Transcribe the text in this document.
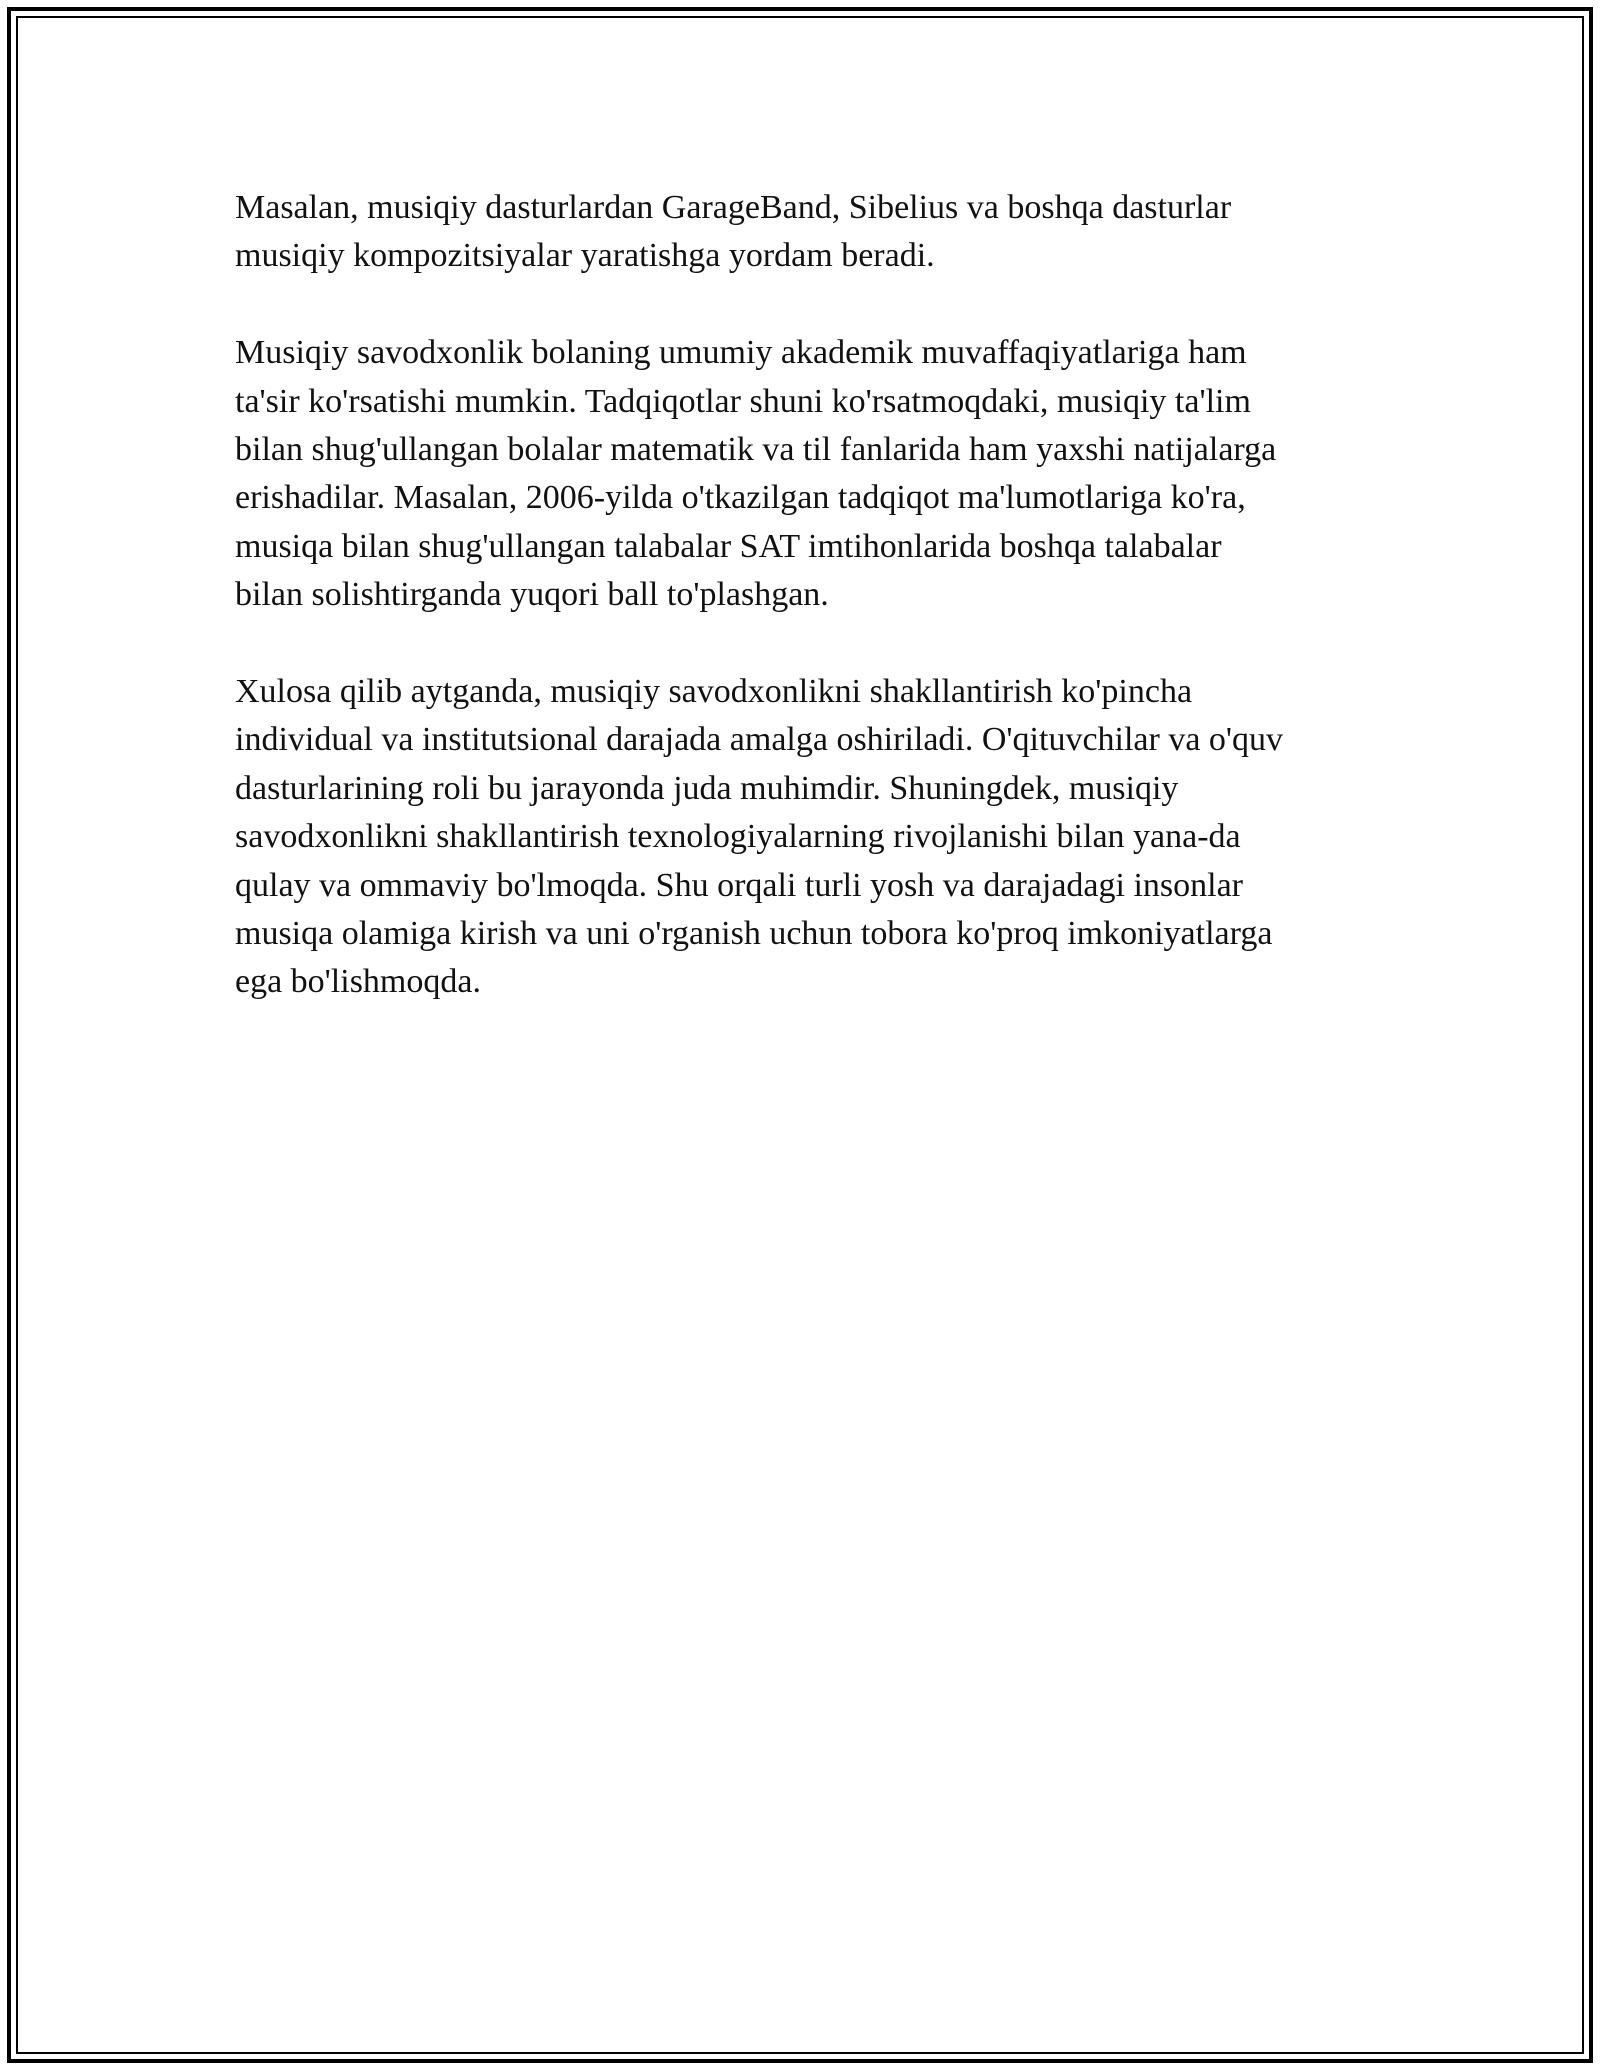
Masalan, musiqiy dasturlardan GarageBand, Sibelius va boshqa dasturlar
musiqiy kompozitsiyalar yaratishga yordam beradi.

Musiqiy savodxonlik bolaning umumiy akademik muvaffaqiyatlariga ham
ta'sir ko'rsatishi mumkin. Tadqiqotlar shuni ko'rsatmoqdaki, musiqiy ta'lim
bilan shug'ullangan bolalar matematik va til fanlarida ham yaxshi natijalarga
erishadilar. Masalan, 2006-yilda o'tkazilgan tadqiqot ma'lumotlariga ko'ra,
musiqa bilan shug'ullangan talabalar SAT imtihonlarida boshqa talabalar
bilan solishtirganda yuqori ball to'plashgan.

Xulosa qilib aytganda, musiqiy savodxonlikni shakllantirish ko'pincha
individual va institutsional darajada amalga oshiriladi. O'qituvchilar va o'quv
dasturlarining roli bu jarayonda juda muhimdir. Shuningdek, musiqiy
savodxonlikni shakllantirish texnologiyalarning rivojlanishi bilan yana-da
qulay va ommaviy bo'lmoqda. Shu orqali turli yosh va darajadagi insonlar
musiqa olamiga kirish va uni o'rganish uchun tobora ko'proq imkoniyatlarga
ega bo'lishmoqda.
